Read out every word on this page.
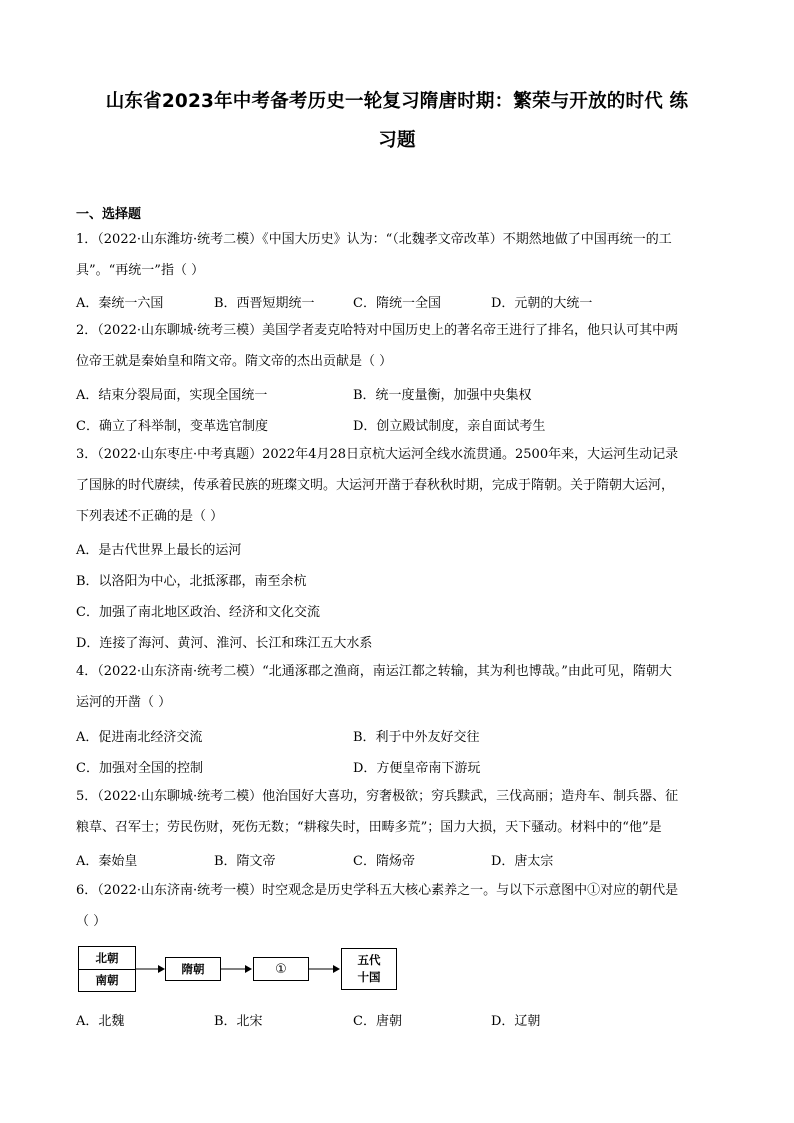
山东省2023年中考备考历史一轮复习隋唐时期：繁荣与开放的时代 练
习题
一、选择题
1．（2022·山东潍坊·统考二模）《中国大历史》认为：“（北魏孝文帝改革）不期然地做了中国再统一的工
具”。“再统一”指（ ）
A．秦统一六国	B．西晋短期统一	C．隋统一全国	D．元朝的大统一
2．（2022·山东聊城·统考三模）美国学者麦克哈特对中国历史上的著名帝王进行了排名，他只认可其中两
位帝王就是秦始皇和隋文帝。隋文帝的杰出贡献是（ ）
A．结束分裂局面，实现全国统一	B．统一度量衡，加强中央集权
C．确立了科举制，变革选官制度	D．创立殿试制度，亲自面试考生
3．（2022·山东枣庄·中考真题）2022年4月28日京杭大运河全线水流贯通。2500年来，大运河生动记录
了国脉的时代赓续，传承着民族的班璨文明。大运河开凿于春秋秋时期，完成于隋朝。关于隋朝大运河，
下列表述不正确的是（ ）
A．是古代世界上最长的运河
B．以洛阳为中心，北抵涿郡，南至余杭
C．加强了南北地区政治、经济和文化交流
D．连接了海河、黄河、淮河、长江和珠江五大水系
4．（2022·山东济南·统考二模）“北通涿郡之渔商，南运江都之转输，其为利也博哉。”由此可见，隋朝大
运河的开凿（ ）
A．促进南北经济交流	B．利于中外友好交往
C．加强对全国的控制	D．方便皇帝南下游玩
5．（2022·山东聊城·统考二模）他治国好大喜功，穷奢极欲；穷兵黩武，三伐高丽；造舟车、制兵器、征
粮草、召军士；劳民伤财，死伤无数；“耕稼失时，田畴多荒”；国力大损，天下骚动。材料中的“他”是
A．秦始皇	B．隋文帝	C．隋炀帝	D．唐太宗
6．（2022·山东济南·统考一模）时空观念是历史学科五大核心素养之一。与以下示意图中①对应的朝代是
（ ）
北朝
南朝
隋朝	①
五代
十国
A．北魏	B．北宋	C．唐朝	D．辽朝
